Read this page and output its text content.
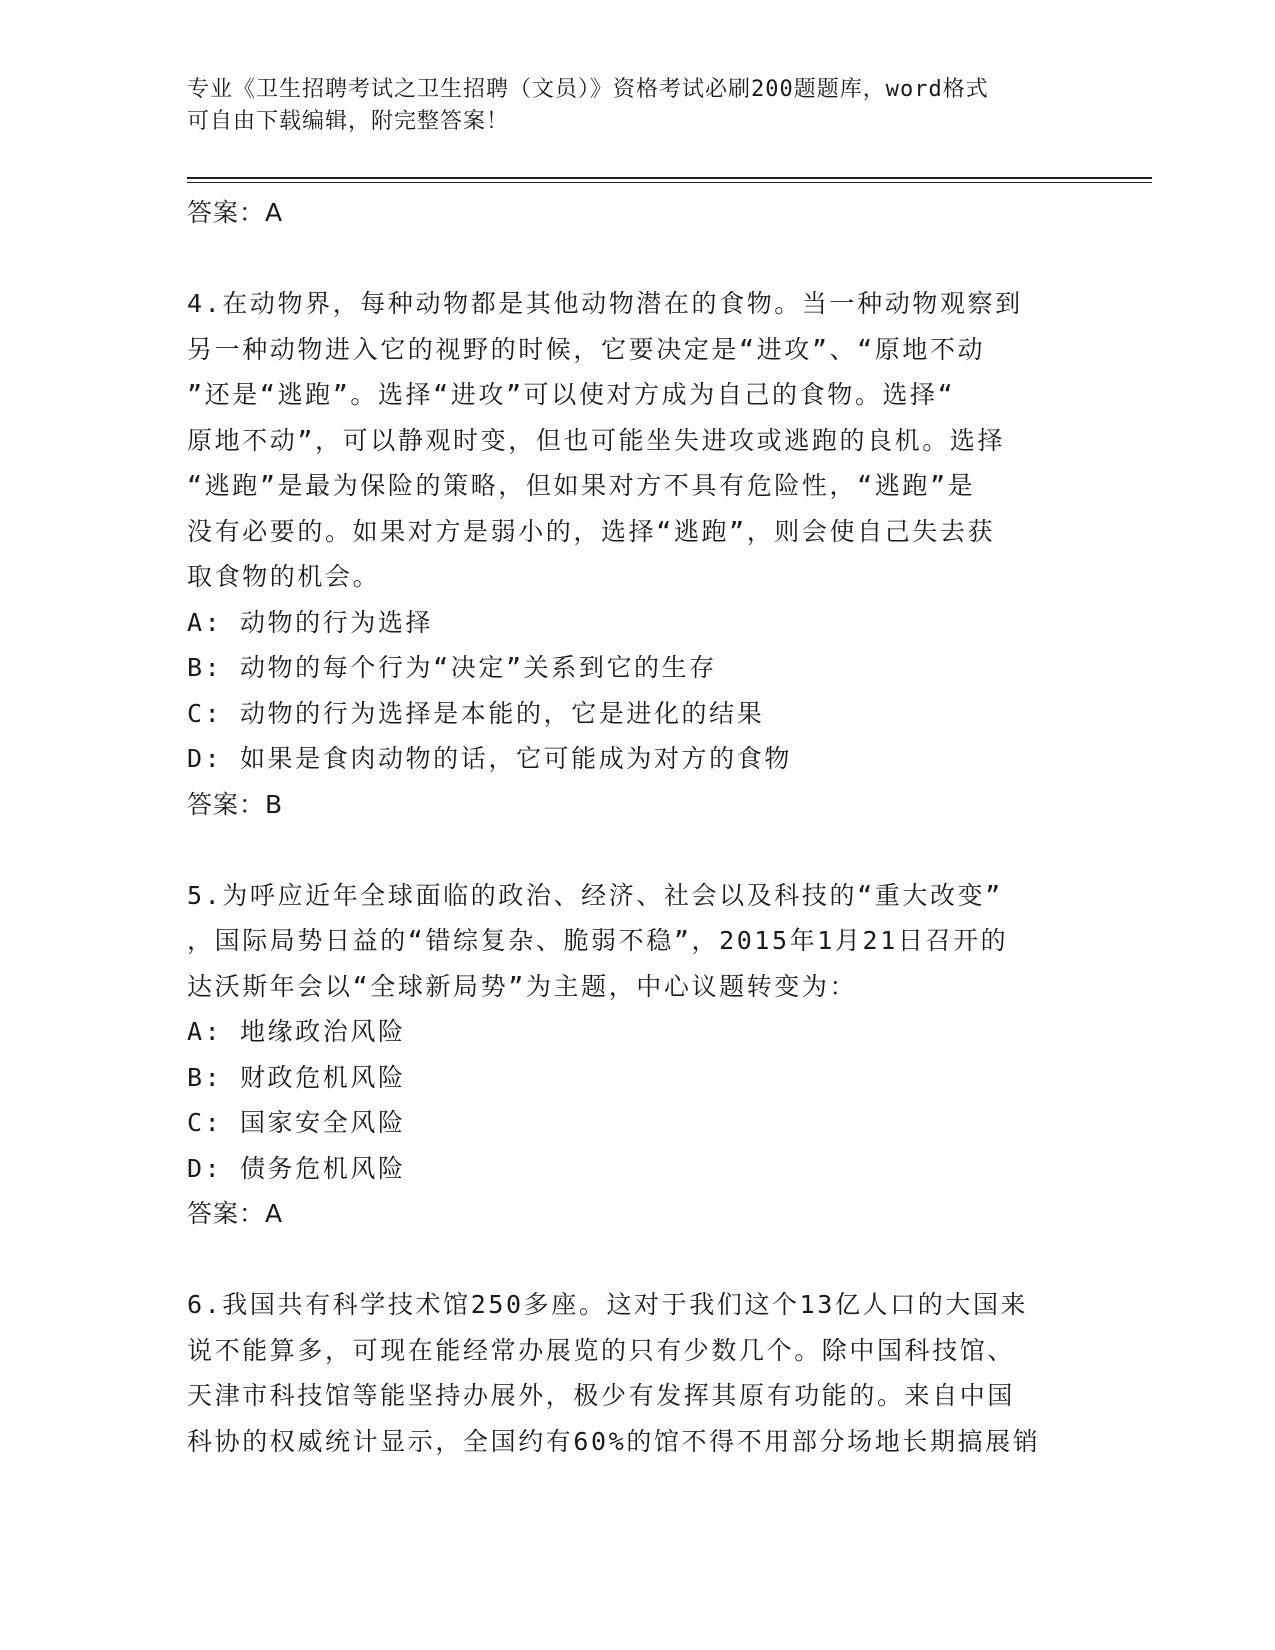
专业《卫生招聘考试之卫生招聘（文员）》资格考试必刷200题题库，word格式
可自由下载编辑，附完整答案！
答案：A

4.在动物界，每种动物都是其他动物潜在的食物。当一种动物观察到

另一种动物进入它的视野的时候，它要决定是“进攻”、“原地不动

”还是“逃跑”。选择“进攻”可以使对方成为自己的食物。选择“

原地不动”，可以静观时变，但也可能坐失进攻或逃跑的良机。选择

“逃跑”是最为保险的策略，但如果对方不具有危险性，“逃跑”是

没有必要的。如果对方是弱小的，选择“逃跑”，则会使自己失去获

取食物的机会。

A: 动物的行为选择

B: 动物的每个行为“决定”关系到它的生存

C: 动物的行为选择是本能的，它是进化的结果

D: 如果是食肉动物的话，它可能成为对方的食物

答案：B

5.为呼应近年全球面临的政治、经济、社会以及科技的“重大改变”

，国际局势日益的“错综复杂、脆弱不稳”，2015年1月21日召开的

达沃斯年会以“全球新局势”为主题，中心议题转变为：

A: 地缘政治风险

B: 财政危机风险

C: 国家安全风险

D: 债务危机风险

答案：A

6.我国共有科学技术馆250多座。这对于我们这个13亿人口的大国来

说不能算多，可现在能经常办展览的只有少数几个。除中国科技馆、

天津市科技馆等能坚持办展外，极少有发挥其原有功能的。来自中国

科协的权威统计显示，全国约有60%的馆不得不用部分场地长期搞展销
